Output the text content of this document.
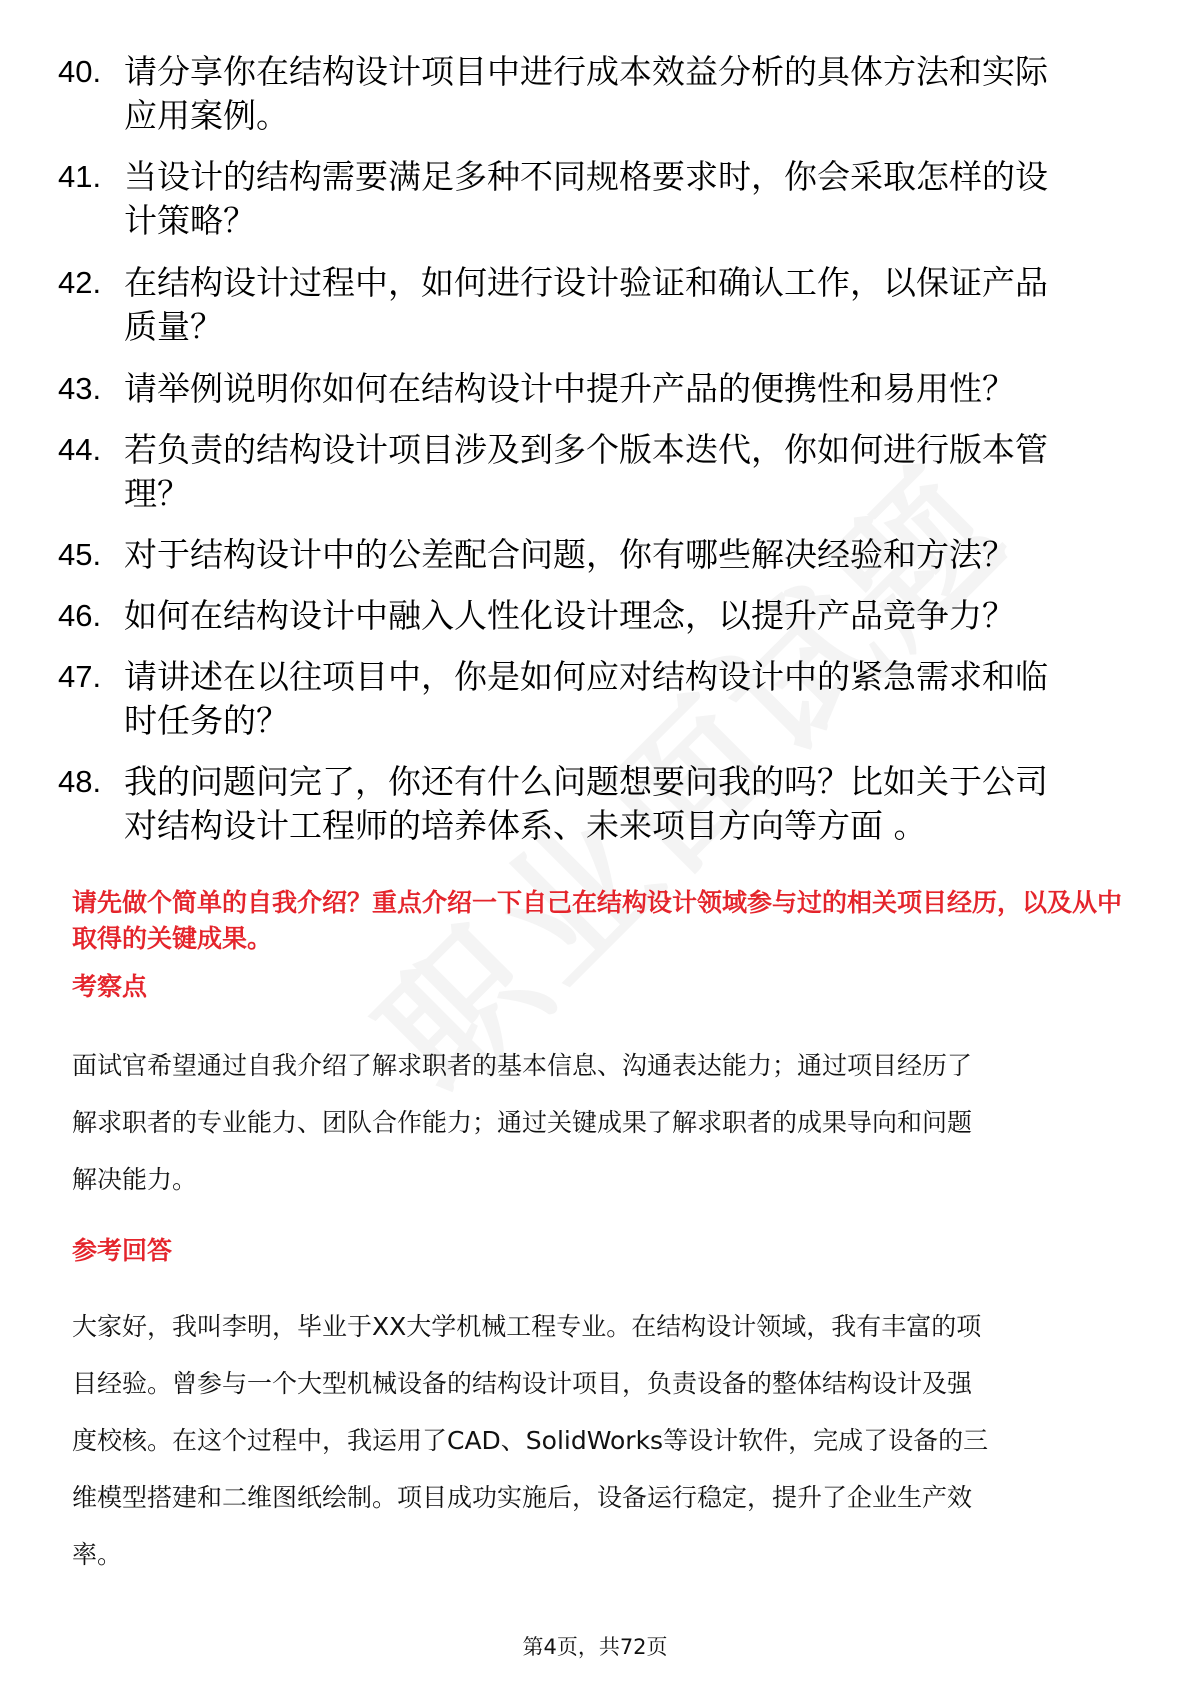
40. 请分享你在结构设计项目中进行成本效益分析的具体方法和实际
应用案例。
41. 当设计的结构需要满足多种不同规格要求时，你会采取怎样的设
计策略？
42. 在结构设计过程中，如何进行设计验证和确认工作，以保证产品
质量？
43. 请举例说明你如何在结构设计中提升产品的便携性和易用性？
44. 若负责的结构设计项目涉及到多个版本迭代，你如何进行版本管
理？
45. 对于结构设计中的公差配合问题，你有哪些解决经验和方法？
46. 如何在结构设计中融入人性化设计理念，以提升产品竞争力？
47. 请讲述在以往项目中，你是如何应对结构设计中的紧急需求和临
时任务的？
48. 我的问题问完了，你还有什么问题想要问我的吗？比如关于公司
对结构设计工程师的培养体系、未来项目方向等方面 。
请先做个简单的自我介绍？重点介绍一下自己在结构设计领域参与过的相关项目经历，以及从中取得的关键成果。
考察点
面试官希望通过自我介绍了解求职者的基本信息、沟通表达能力；通过项目经历了
解求职者的专业能力、团队合作能力；通过关键成果了解求职者的成果导向和问题
解决能力。
参考回答
大家好，我叫李明，毕业于XX大学机械工程专业。在结构设计领域，我有丰富的项
目经验。曾参与一个大型机械设备的结构设计项目，负责设备的整体结构设计及强
度校核。在这个过程中，我运用了CAD、SolidWorks等设计软件，完成了设备的三
维模型搭建和二维图纸绘制。项目成功实施后，设备运行稳定，提升了企业生产效
率。
第4页，共72页
